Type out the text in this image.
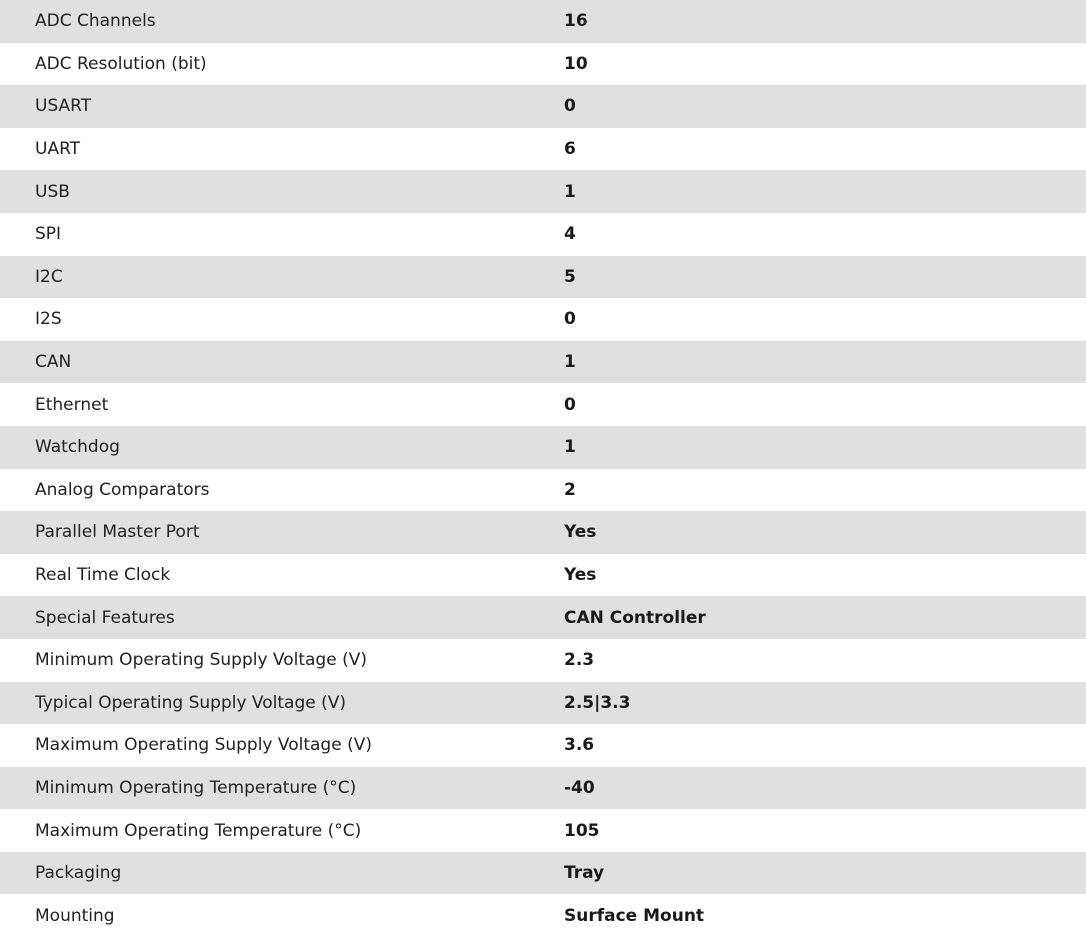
ADC Channels	16
ADC Resolution (bit)	10
USART	0
UART	6
USB	1
SPI	4
I2C	5
I2S	0
CAN	1
Ethernet	0
Watchdog	1
Analog Comparators	2
Parallel Master Port	Yes
Real Time Clock	Yes
Special Features	CAN Controller
Minimum Operating Supply Voltage (V)	2.3
Typical Operating Supply Voltage (V)	2.5|3.3
Maximum Operating Supply Voltage (V)	3.6
Minimum Operating Temperature (°C)	-40
Maximum Operating Temperature (°C)	105
Packaging	Tray
Mounting	Surface Mount
